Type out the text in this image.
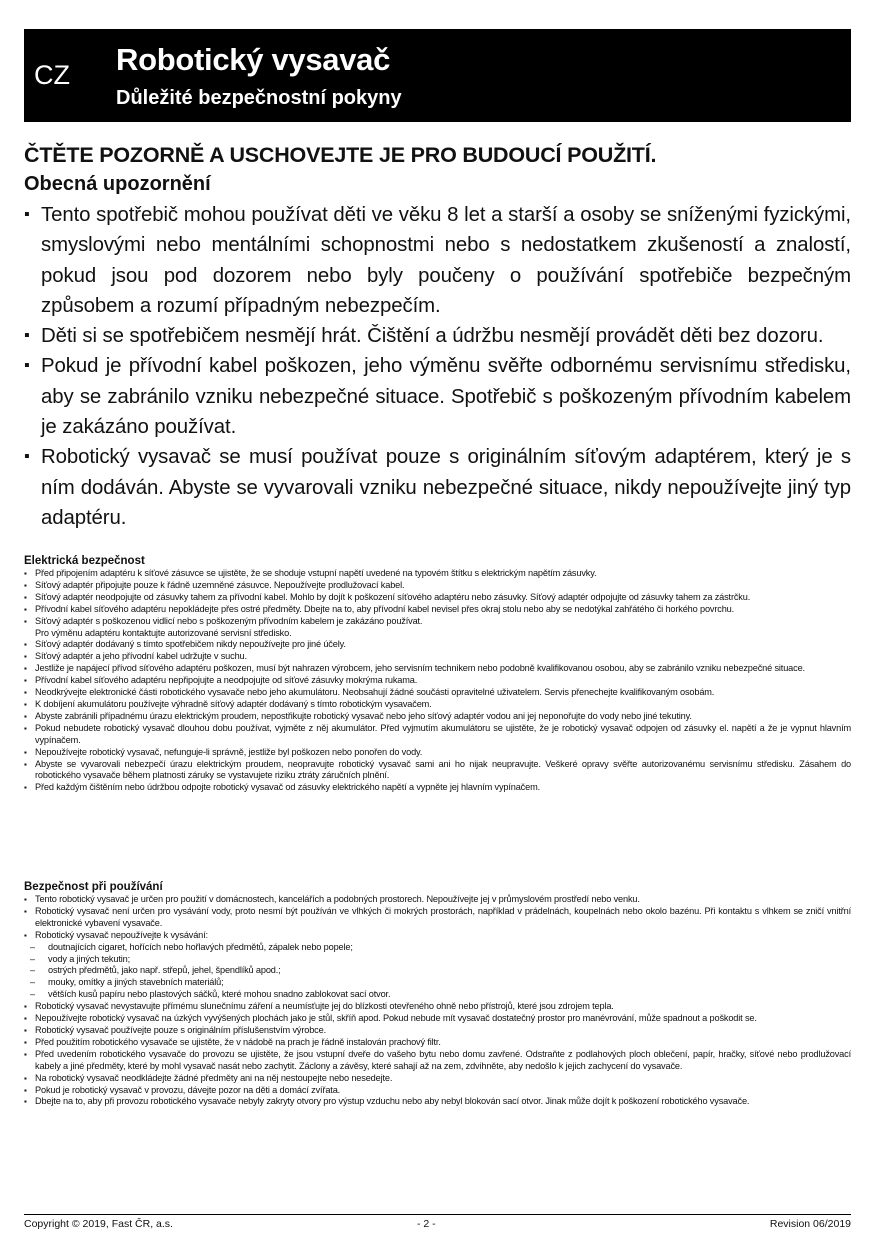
CZ Robotický vysavač
Důležité bezpečnostní pokyny

ČTĚTE POZORNĚ A USCHOVEJTE JE PRO BUDOUCÍ POUŽITÍ.

Obecná upozornění

▪ Tento spotřebič mohou používat děti ve věku 8 let a starší a osoby se sníženými fyzickými, smyslovými nebo mentálními schopnostmi nebo s nedostatkem zkušeností a znalostí, pokud jsou pod dozorem nebo byly poučeny o používání spotřebiče bezpečným způsobem a rozumí případným nebezpečím.
▪ Děti si se spotřebičem nesmějí hrát. Čištění a údržbu nesmějí provádět děti bez dozoru.
▪ Pokud je přívodní kabel poškozen, jeho výměnu svěřte odbornému servisnímu středisku, aby se zabránilo vzniku nebezpečné situace. Spotřebič s poškozeným přívodním kabelem je zakázáno používat.
▪ Robotický vysavač se musí používat pouze s originálním síťovým adaptérem, který je s ním dodáván. Abyste se vyvarovali vzniku nebezpečné situace, nikdy nepoužívejte jiný typ adaptéru.

Elektrická bezpečnost

▪ Před připojením adaptéru k síťové zásuvce se ujistěte, že se shoduje vstupní napětí uvedené na typovém štítku s elektrickým napětím zásuvky.
▪ Síťový adaptér připojujte pouze k řádně uzemněné zásuvce. Nepoužívejte prodlužovací kabel.
▪ Síťový adaptér neodpojujte od zásuvky tahem za přívodní kabel. Mohlo by dojít k poškození síťového adaptéru nebo zásuvky. Síťový adaptér odpojujte od zásuvky tahem za zástrčku.
▪ Přívodní kabel síťového adaptéru nepokládejte přes ostré předměty. Dbejte na to, aby přívodní kabel nevisel přes okraj stolu nebo aby se nedotýkal zahřátého či horkého povrchu.
▪ Síťový adaptér s poškozenou vidlicí nebo s poškozeným přívodním kabelem je zakázáno používat.
Pro výměnu adaptéru kontaktujte autorizované servisní středisko.
▪ Síťový adaptér dodávaný s tímto spotřebičem nikdy nepoužívejte pro jiné účely.
▪ Síťový adaptér a jeho přívodní kabel udržujte v suchu.
▪ Jestliže je napájecí přívod síťového adaptéru poškozen, musí být nahrazen výrobcem, jeho servisním technikem nebo podobně kvalifikovanou osobou, aby se zabránilo vzniku nebezpečné situace.
▪ Přívodní kabel síťového adaptéru nepřipojujte a neodpojujte od síťové zásuvky mokrýma rukama.
▪ Neodkrývejte elektronické části robotického vysavače nebo jeho akumulátoru. Neobsahují žádné součásti opravitelné uživatelem. Servis přenechejte kvalifikovaným osobám.
▪ K dobíjení akumulátoru používejte výhradně síťový adaptér dodávaný s tímto robotickým vysavačem.
▪ Abyste zabránili případnému úrazu elektrickým proudem, nepostřikujte robotický vysavač nebo jeho síťový adaptér vodou ani jej neponořujte do vody nebo jiné tekutiny.
▪ Pokud nebudete robotický vysavač dlouhou dobu používat, vyjměte z něj akumulátor. Před vyjmutím akumulátoru se ujistěte, že je robotický vysavač odpojen od zásuvky el. napětí a že je vypnut hlavním vypínačem.
▪ Nepoužívejte robotický vysavač, nefunguje-li správně, jestliže byl poškozen nebo ponořen do vody.
▪ Abyste se vyvarovali nebezpečí úrazu elektrickým proudem, neopravujte robotický vysavač sami ani ho nijak neupravujte. Veškeré opravy svěřte autorizovanému servisnímu středisku. Zásahem do robotického vysavače během platnosti záruky se vystavujete riziku ztráty záručních plnění.
▪ Před každým čištěním nebo údržbou odpojte robotický vysavač od zásuvky elektrického napětí a vypněte jej hlavním vypínačem.

Bezpečnost při používání

▪ Tento robotický vysavač je určen pro použití v domácnostech, kancelářích a podobných prostorech. Nepoužívejte jej v průmyslovém prostředí nebo venku.
▪ Robotický vysavač není určen pro vysávání vody, proto nesmí být používán ve vlhkých či mokrých prostorách, například v prádelnách, koupelnách nebo okolo bazénu. Při kontaktu s vlhkem se zničí vnitřní elektronické vybavení vysavače.
▪ Robotický vysavač nepoužívejte k vysávání:
– doutnajících cigaret, hořících nebo hořlavých předmětů, zápalek nebo popele;
– vody a jiných tekutin;
– ostrých předmětů, jako např. střepů, jehel, špendlíků apod.;
– mouky, omítky a jiných stavebních materiálů;
– větších kusů papíru nebo plastových sáčků, které mohou snadno zablokovat sací otvor.
▪ Robotický vysavač nevystavujte přímému slunečnímu záření a neumísťujte jej do blízkosti otevřeného ohně nebo přístrojů, které jsou zdrojem tepla.
▪ Nepoužívejte robotický vysavač na úzkých vyvýšených plochách jako je stůl, skříň apod. Pokud nebude mít vysavač dostatečný prostor pro manévrování, může spadnout a poškodit se.
▪ Robotický vysavač používejte pouze s originálním příslušenstvím výrobce.
▪ Před použitím robotického vysavače se ujistěte, že v nádobě na prach je řádně instalován prachový filtr.
▪ Před uvedením robotického vysavače do provozu se ujistěte, že jsou vstupní dveře do vašeho bytu nebo domu zavřené. Odstraňte z podlahových ploch oblečení, papír, hračky, síťové nebo prodlužovací kabely a jiné předměty, které by mohl vysavač nasát nebo zachytit. Záclony a závěsy, které sahají až na zem, zdvihněte, aby nedošlo k jejich zachycení do vysavače.
▪ Na robotický vysavač neodkládejte žádné předměty ani na něj nestoupejte nebo nesedejte.
▪ Pokud je robotický vysavač v provozu, dávejte pozor na děti a domácí zvířata.
▪ Dbejte na to, aby při provozu robotického vysavače nebyly zakryty otvory pro výstup vzduchu nebo aby nebyl blokován sací otvor. Jinak může dojít k poškození robotického vysavače.
Copyright © 2019, Fast ČR, a.s.	- 2 -	Revision 06/2019
